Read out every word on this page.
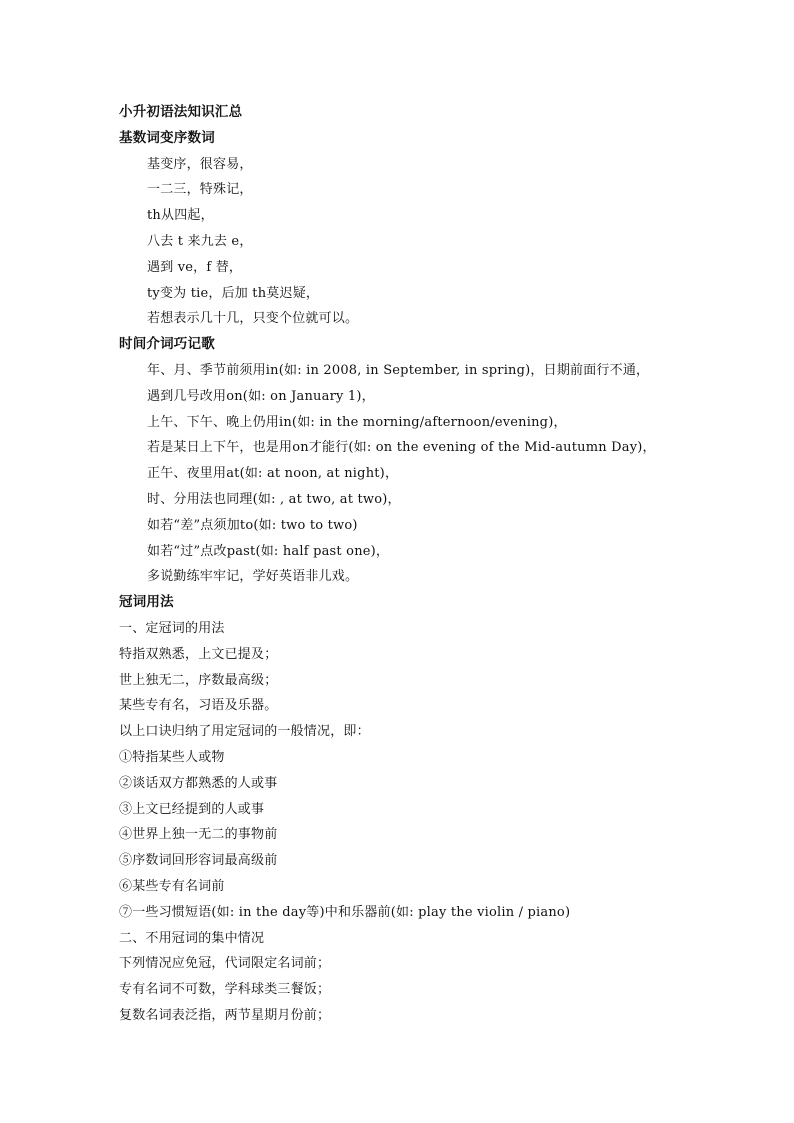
小升初语法知识汇总
基数词变序数词
基变序，很容易，
一二三，特殊记，
th从四起，
八去 t 来九去 e，
遇到 ve，f 替，
ty变为 tie，后加 th莫迟疑，
若想表示几十几，只变个位就可以。
时间介词巧记歌
年、月、季节前须用in(如: in 2008, in September, in spring)，日期前面行不通，
遇到几号改用on(如: on January 1)，
上午、下午、晚上仍用in(如: in the morning/afternoon/evening)，
若是某日上下午，也是用on才能行(如: on the evening of the Mid-autumn Day)，
正午、夜里用at(如: at noon, at night)，
时、分用法也同理(如: , at two, at two)，
如若“差”点须加to(如: two to two)
如若“过”点改past(如: half past one)，
多说勤练牢牢记，学好英语非儿戏。
冠词用法
一、定冠词的用法
特指双熟悉，上文已提及；
世上独无二，序数最高级；
某些专有名，习语及乐器。
以上口诀归纳了用定冠词的一般情况，即：
①特指某些人或物
②谈话双方都熟悉的人或事
③上文已经提到的人或事
④世界上独一无二的事物前
⑤序数词回形容词最高级前
⑥某些专有名词前
⑦一些习惯短语(如: in the day等)中和乐器前(如: play the violin / piano)
二、不用冠词的集中情况
下列情况应免冠，代词限定名词前；
专有名词不可数，学科球类三餐饭；
复数名词表泛指，两节星期月份前；
